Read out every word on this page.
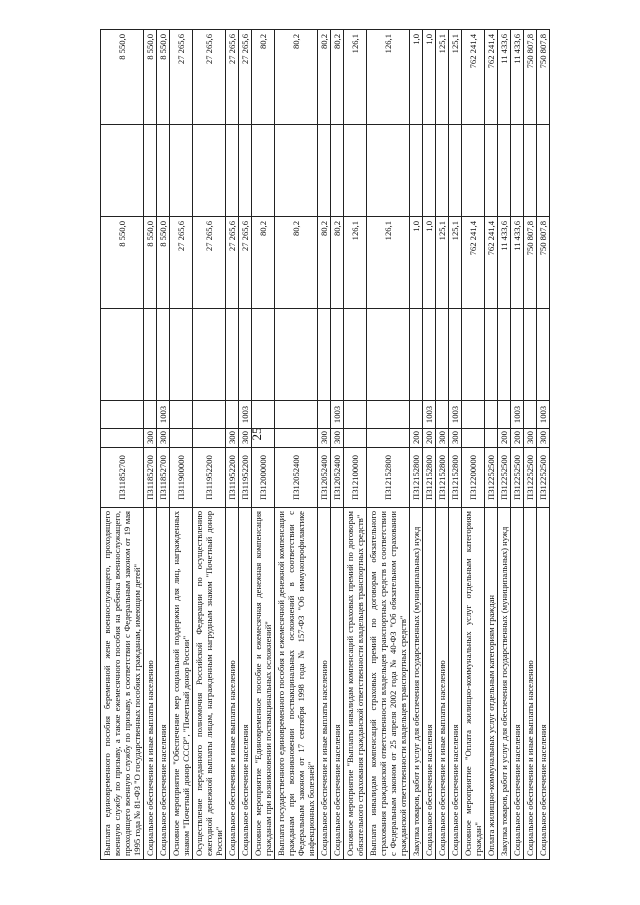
25
Выплата единовременного пособия беременной жене военнослужащего, проходящего военную службу по призыву, а также ежемесячного пособия на ребенка военнослужащего, проходящего военную службу по призыву, в соответствии с Федеральным законом от 19 мая 1995 года № 81-ФЗ "О государственных пособиях гражданам, имеющим детей"	П311852700				8 550,0		8 550,0
Социальное обеспечение и иные выплаты населению	П311852700	300			8 550,0		8 550,0
Социальное обеспечение населения	П311852700	300	1003		8 550,0		8 550,0
Основное мероприятие "Обеспечение мер социальной поддержки для лиц, награжденных знаком "Почетный донор СССР", "Почетный донор России"	П311900000				27 265,6		27 265,6
Осуществление переданного полномочия Российской Федерации по осуществлению ежегодной денежной выплаты лицам, награжденным нагрудным знаком "Почетный донор России"	П311952200				27 265,6		27 265,6
Социальное обеспечение и иные выплаты населению	П311952200	300			27 265,6		27 265,6
Социальное обеспечение населения	П311952200	300	1003		27 265,6		27 265,6
Основное мероприятие "Единовременное пособие и ежемесячная денежная компенсация гражданам при возникновении поствакцинальных осложнений"	П312000000				80,2		80,2
Выплата государственного единовременного пособия и ежемесячной денежной компенсации гражданам при возникновении поствакцинальных осложнений в соответствии с Федеральным законом от 17 сентября 1998 года № 157-ФЗ "Об иммунопрофилактике инфекционных болезней"	П312052400				80,2		80,2
Социальное обеспечение и иные выплаты населению	П312052400	300			80,2		80,2
Социальное обеспечение населения	П312052400	300	1003		80,2		80,2
Основное мероприятие "Выплаты инвалидам компенсаций страховых премий по договорам обязательного страхования гражданской ответственности владельцев транспортных средств"	П312100000				126,1		126,1
Выплата инвалидам компенсаций страховых премий по договорам обязательного страхования гражданской ответственности владельцев транспортных средств в соответствии с Федеральным законом от 25 апреля 2002 года № 40-ФЗ "Об обязательном страховании гражданской ответственности владельцев транспортных средств"	П312152800				126,1		126,1
Закупка товаров, работ и услуг для обеспечения государственных (муниципальных) нужд	П312152800	200			1,0		1,0
Социальное обеспечение населения	П312152800	200	1003		1,0		1,0
Социальное обеспечение и иные выплаты населению	П312152800	300			125,1		125,1
Социальное обеспечение населения	П312152800	300	1003		125,1		125,1
Основное мероприятие "Оплата жилищно-коммунальных услуг отдельным категориям граждан"	П312200000				762 241,4		762 241,4
Оплата жилищно-коммунальных услуг отдельным категориям граждан	П312252500				762 241,4		762 241,4
Закупка товаров, работ и услуг для обеспечения государственных (муниципальных) нужд	П312252500	200			11 433,6		11 433,6
Социальное обеспечение населения	П312252500	200	1003		11 433,6		11 433,6
Социальное обеспечение и иные выплаты населению	П312252500	300			750 807,8		750 807,8
Социальное обеспечение населения	П312252500	300	1003		750 807,8		750 807,8
